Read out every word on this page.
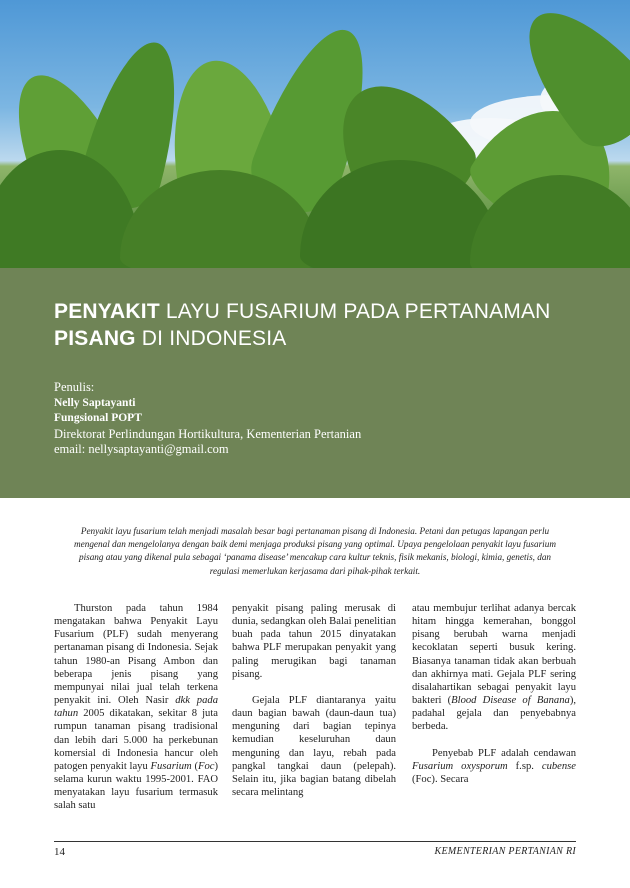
PENYAKIT LAYU FUSARIUM PADA PERTANAMAN
PISANG DI INDONESIA
Penulis:
Nelly Saptayanti
Fungsional POPT
Direktorat Perlindungan Hortikultura, Kementerian Pertanian
email: nellysaptayanti@gmail.com
Penyakit layu fusarium telah menjadi masalah besar bagi pertanaman pisang di Indonesia. Petani dan petugas lapangan perlu mengenal dan mengelolanya dengan baik demi menjaga produksi pisang yang optimal. Upaya pengelolaan penyakit layu fusarium pisang atau yang dikenal pula sebagai ‘panama disease’ mencakup cara kultur teknis, fisik mekanis, biologi, kimia, genetis, dan regulasi memerlukan kerjasama dari pihak-pihak terkait.

Thurston pada tahun 1984 mengatakan bahwa Penyakit Layu Fusarium (PLF) sudah menyerang pertanaman pisang di Indonesia. Sejak tahun 1980-an Pisang Ambon dan beberapa jenis pisang yang mempunyai nilai jual telah terkena penyakit ini. Oleh Nasir dkk pada tahun 2005 dikatakan, sekitar 8 juta rumpun tanaman pisang tradisional dan lebih dari 5.000 ha perkebunan komersial di Indonesia hancur oleh patogen penyakit layu Fusarium (Foc) selama kurun waktu 1995-2001. FAO menyatakan layu fusarium termasuk salah satu

penyakit pisang paling merusak di dunia, sedangkan oleh Balai penelitian buah pada tahun 2015 dinyatakan bahwa PLF merupakan penyakit yang paling merugikan bagi tanaman pisang.

Gejala PLF diantaranya yaitu daun bagian bawah (daun-daun tua) menguning dari bagian tepinya kemudian keseluruhan daun menguning dan layu, rebah pada pangkal tangkai daun (pelepah). Selain itu, jika bagian batang dibelah secara melintang

atau membujur terlihat adanya bercak hitam hingga kemerahan, bonggol pisang berubah warna menjadi kecoklatan seperti busuk kering. Biasanya tanaman tidak akan berbuah dan akhirnya mati. Gejala PLF sering disalahartikan sebagai penyakit layu bakteri (Blood Disease of Banana), padahal gejala dan penyebabnya berbeda.

Penyebab PLF adalah cendawan Fusarium oxysporum f.sp. cubense (Foc). Secara

14	KEMENTERIAN PERTANIAN RI
